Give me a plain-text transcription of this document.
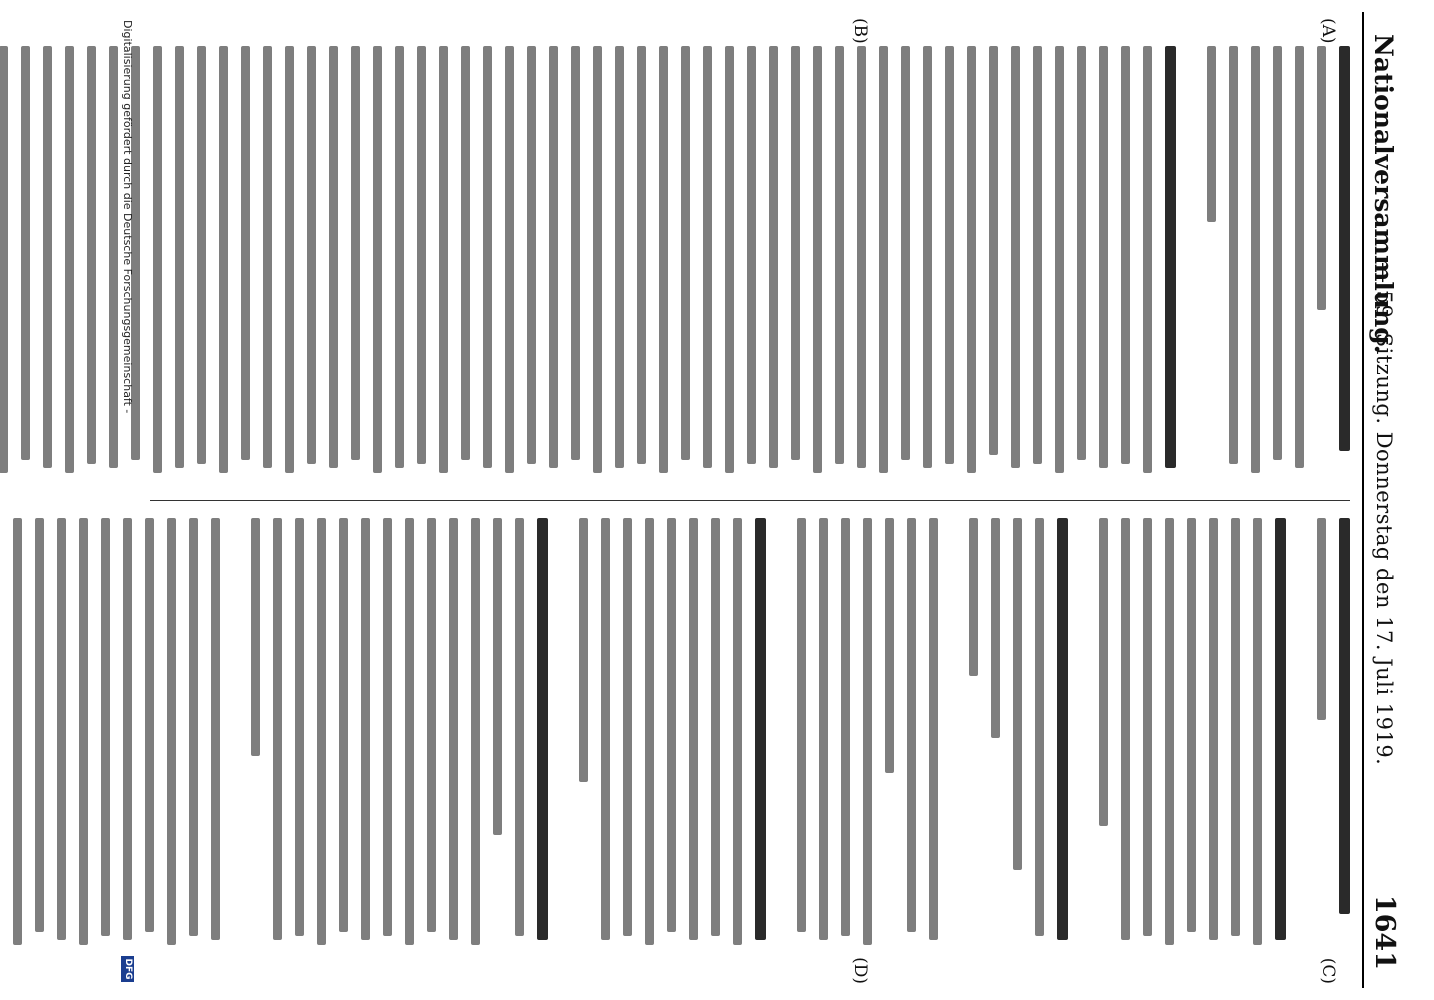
Nationalversammlung.
— 59. Sitzung. Donnerstag den 17. Juli 1919.
1641
(A)
(B)
(C)
(D)
Digitalisierung gefördert durch die Deutsche Forschungsgemeinschaft -
DFG
